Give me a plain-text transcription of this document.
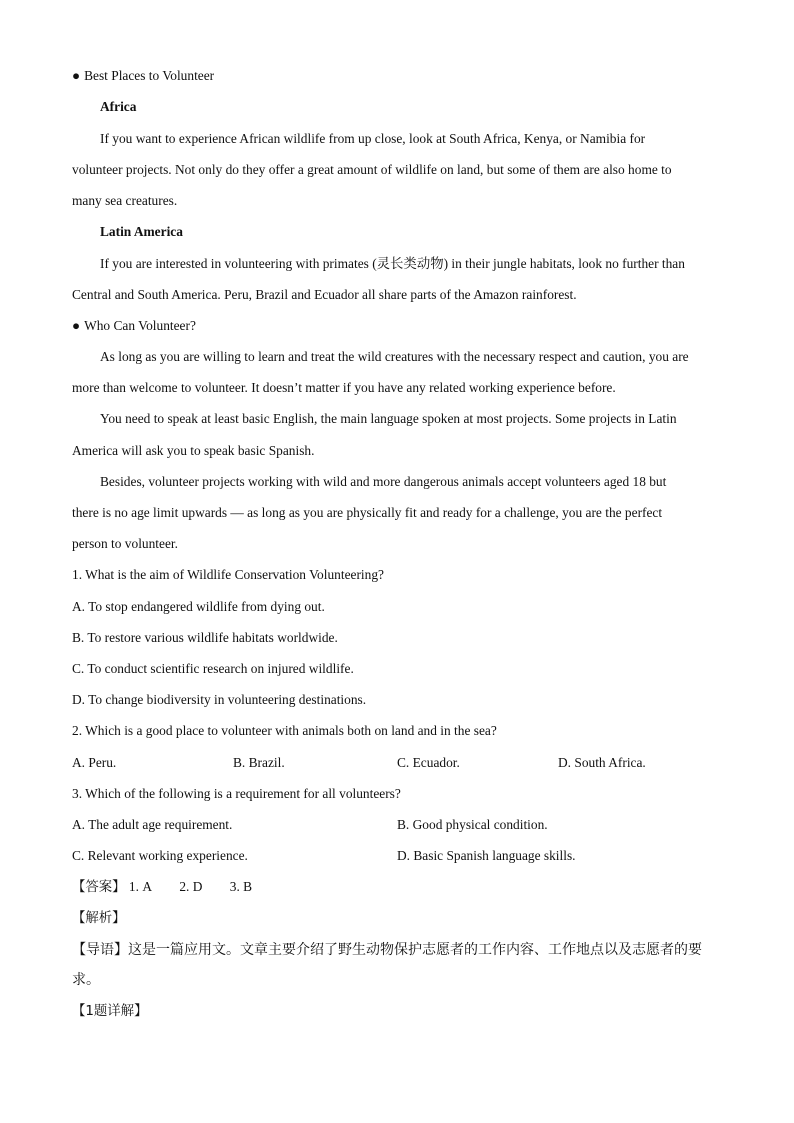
● Best Places to Volunteer
Africa
If you want to experience African wildlife from up close, look at South Africa, Kenya, or Namibia for
volunteer projects. Not only do they offer a great amount of wildlife on land, but some of them are also home to
many sea creatures.
Latin America
If you are interested in volunteering with primates (灵长类动物) in their jungle habitats, look no further than
Central and South America. Peru, Brazil and Ecuador all share parts of the Amazon rainforest.
● Who Can Volunteer?
As long as you are willing to learn and treat the wild creatures with the necessary respect and caution, you are
more than welcome to volunteer. It doesn’t matter if you have any related working experience before.
You need to speak at least basic English, the main language spoken at most projects. Some projects in Latin
America will ask you to speak basic Spanish.
Besides, volunteer projects working with wild and more dangerous animals accept volunteers aged 18 but
there is no age limit upwards — as long as you are physically fit and ready for a challenge, you are the perfect
person to volunteer.
1. What is the aim of Wildlife Conservation Volunteering?
A. To stop endangered wildlife from dying out.
B. To restore various wildlife habitats worldwide.
C. To conduct scientific research on injured wildlife.
D. To change biodiversity in volunteering destinations.
2. Which is a good place to volunteer with animals both on land and in the sea?
A. Peru.	B. Brazil.	C. Ecuador.	D. South Africa.
3. Which of the following is a requirement for all volunteers?
A. The adult age requirement.	B. Good physical condition.
C. Relevant working experience.	D. Basic Spanish language skills.
【答案】 1. A 2. D 3. B
【解析】
【导语】这是一篇应用文。文章主要介绍了野生动物保护志愿者的工作内容、工作地点以及志愿者的要求。
【1题详解】
